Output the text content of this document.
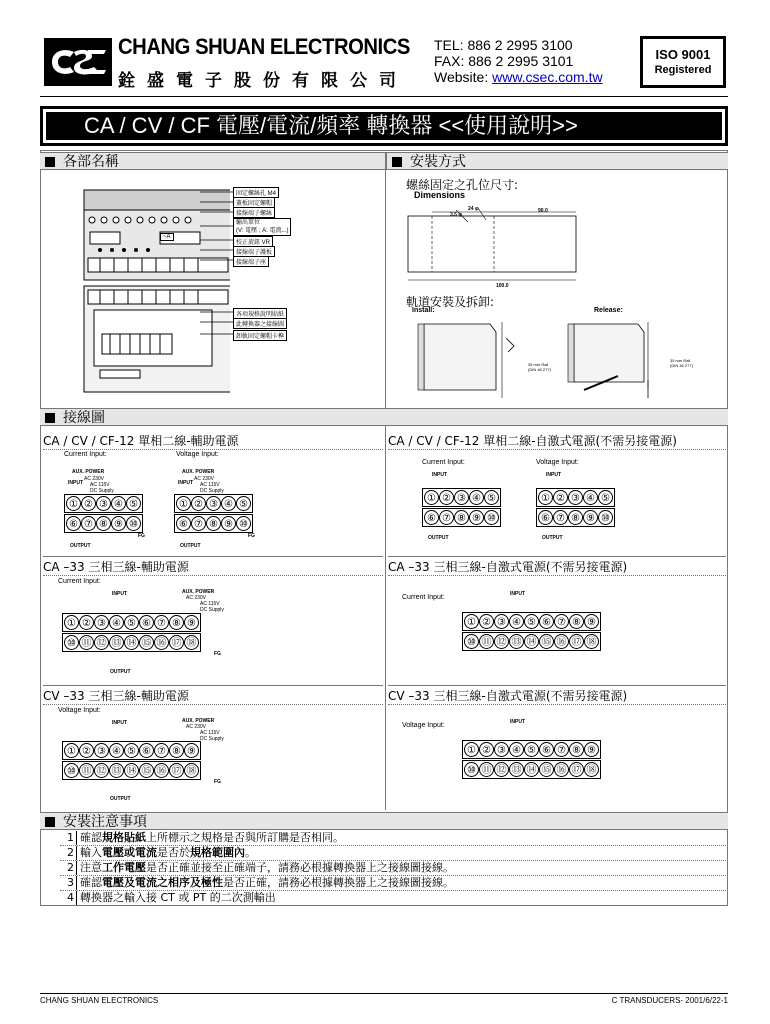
CHANG SHUAN ELECTRONICS
銓盛電子股份有限公司
TEL: 886 2 2995 3100
FAX: 886 2 2995 3101
Website: www.csec.com.tw
ISO 9001
Registered
CA / CV / CF 電壓/電流/頻率 轉換器 <<使用說明>>
各部名稱	安裝方式
~A
固定螺絲孔 M4
蓋板固定螺帽
接線端子螺絲
輸出單位
(V: 電壓 ; A: 電流...)
校正旋鈕 VR
接線端子護板
接線端子座
各項規格說明貼紙
此轉換器之接線圖
卸軌固定螺帽卡榫
螺絲固定之孔位尺寸:
Dimensions
24 φ
3.5 φ
90.0
100.0
軌道安裝及拆卸:
Install:	Release:
35 mm Rail
(DIN 46 277)
35 mm Rail
(DIN 46 277)
接線圖
CA / CV / CF-12 單相二線-輔助電源	CA / CV / CF-12 單相二線-自激式電源(不需另接電源)
CA –33 三相三線-輔助電源	CA –33 三相三線-自激式電源(不需另接電源)
CV –33 三相三線-輔助電源	CV –33 三相三線-自激式電源(不需另接電源)
Current Input:	Voltage Input:
Current Input:	Voltage Input:
Current Input:
Current Input:
Voltage Input:
Voltage Input:
AUX. POWER
AC 230V
AC 115V
DC Supply
INPUT
① ② ③ ④ ⑤
⑥ ⑦ ⑧ ⑨ ⑩
FG
OUTPUT
AUX. POWER
AC 230V
AC 115V
DC Supply
INPUT
① ② ③ ④ ⑤
⑥ ⑦ ⑧ ⑨ ⑩
FG
OUTPUT
INPUT
① ② ③ ④ ⑤
⑥ ⑦ ⑧ ⑨ ⑩
OUTPUT
INPUT
① ② ③ ④ ⑤
⑥ ⑦ ⑧ ⑨ ⑩
OUTPUT
INPUT	AUX. POWER
AC 230V
AC 115V
DC Supply
① ② ③ ④ ⑤ ⑥ ⑦ ⑧ ⑨
⑩ ⑪ ⑫ ⑬ ⑭ ⑮ ⑯ ⑰ ⑱
FG
OUTPUT
INPUT
① ② ③ ④ ⑤ ⑥ ⑦ ⑧ ⑨
⑩ ⑪ ⑫ ⑬ ⑭ ⑮ ⑯ ⑰ ⑱
INPUT	AUX. POWER
AC 230V
AC 115V
DC Supply
① ② ③ ④ ⑤ ⑥ ⑦ ⑧ ⑨
⑩ ⑪ ⑫ ⑬ ⑭ ⑮ ⑯ ⑰ ⑱
FG
OUTPUT
INPUT
① ② ③ ④ ⑤ ⑥ ⑦ ⑧ ⑨
⑩ ⑪ ⑫ ⑬ ⑭ ⑮ ⑯ ⑰ ⑱
安裝注意事項
1 確認規格貼紙上所標示之規格是否與所訂購是否相同。
2 輸入電壓或電流是否於規格範圍內。
2 注意工作電壓是否正確並接至正確端子，請務必根據轉換器上之接線圖接線。
3 確認電壓及電流之相序及極性是否正確，請務必根據轉換器上之接線圖接線。
4 轉換器之輸入接 CT 或 PT 的二次測輸出
CHANG SHUAN ELECTRONICS	C TRANSDUCERS- 2001/6/22-1
